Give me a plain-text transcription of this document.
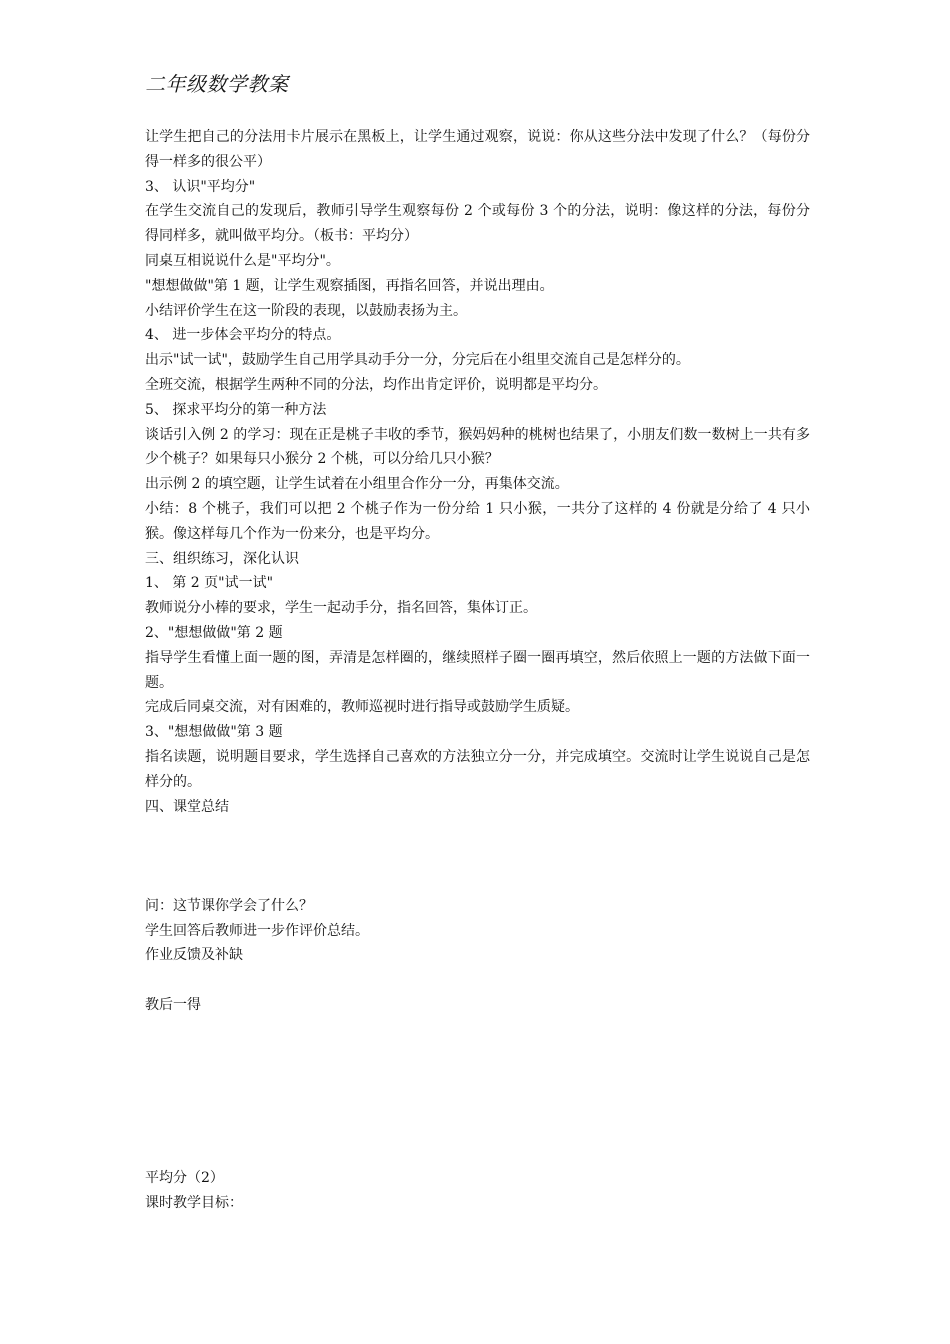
二年级数学教案

让学生把自己的分法用卡片展示在黑板上，让学生通过观察，说说：你从这些分法中发现了什么？（每份分得一样多的很公平）

3、 认识"平均分"

在学生交流自己的发现后，教师引导学生观察每份 2 个或每份 3 个的分法，说明：像这样的分法，每份分得同样多，就叫做平均分。（板书：平均分）

同桌互相说说什么是"平均分"。

"想想做做"第 1 题，让学生观察插图，再指名回答，并说出理由。

小结评价学生在这一阶段的表现，以鼓励表扬为主。

4、 进一步体会平均分的特点。

出示"试一试"，鼓励学生自己用学具动手分一分，分完后在小组里交流自己是怎样分的。

全班交流，根据学生两种不同的分法，均作出肯定评价，说明都是平均分。

5、 探求平均分的第一种方法

谈话引入例 2 的学习：现在正是桃子丰收的季节，猴妈妈种的桃树也结果了，小朋友们数一数树上一共有多少个桃子？如果每只小猴分 2 个桃，可以分给几只小猴？

出示例 2 的填空题，让学生试着在小组里合作分一分，再集体交流。

小结：8 个桃子，我们可以把 2 个桃子作为一份分给 1 只小猴，一共分了这样的 4 份就是分给了 4 只小猴。像这样每几个作为一份来分，也是平均分。

三、组织练习，深化认识

1、 第 2 页"试一试"

教师说分小棒的要求，学生一起动手分，指名回答，集体订正。

2、"想想做做"第 2 题

指导学生看懂上面一题的图，弄清是怎样圈的，继续照样子圈一圈再填空，然后依照上一题的方法做下面一题。

完成后同桌交流，对有困难的，教师巡视时进行指导或鼓励学生质疑。

3、"想想做做"第 3 题

指名读题，说明题目要求，学生选择自己喜欢的方法独立分一分，并完成填空。交流时让学生说说自己是怎样分的。

四、课堂总结

问：这节课你学会了什么？

学生回答后教师进一步作评价总结。

作业反馈及补缺

教后一得

平均分（2）

课时教学目标：
